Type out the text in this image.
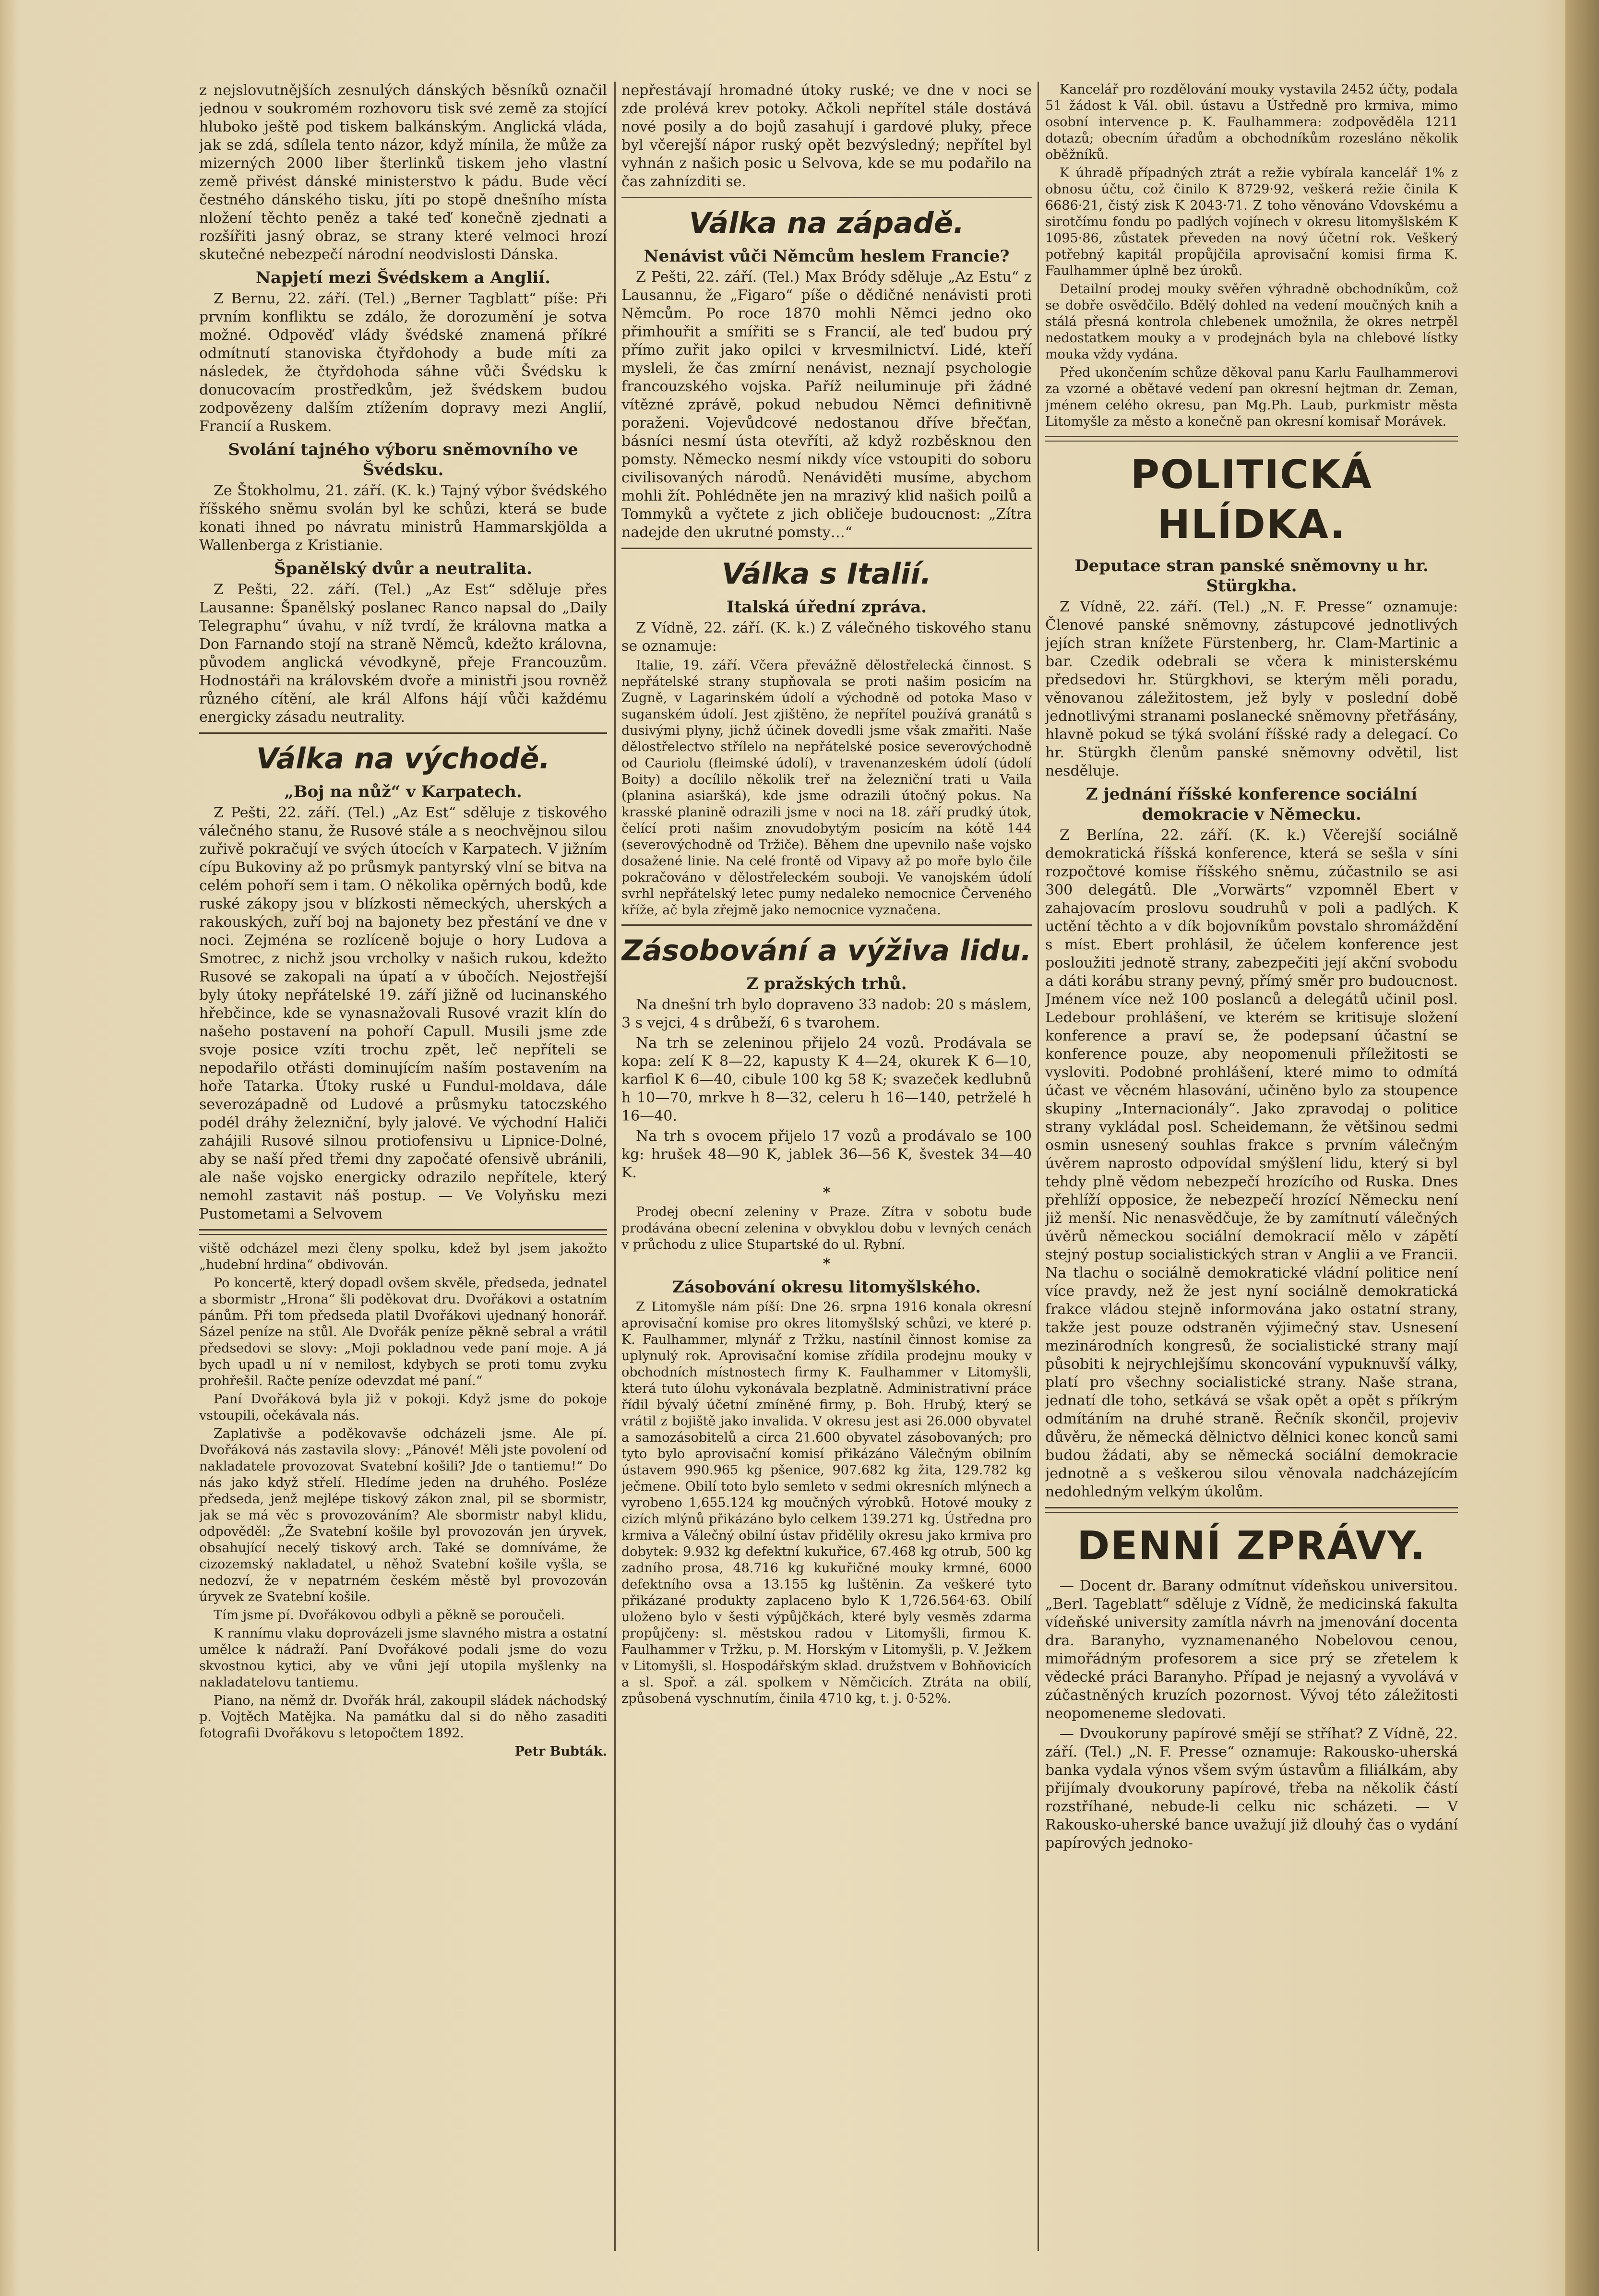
z nejslovutnějších zesnulých dánských běsníků označil jednou v soukromém rozhovoru tisk své země za stojící hluboko ještě pod tiskem balkánským. Anglická vláda, jak se zdá, sdílela tento názor, když mínila, že může za mizerných 2000 liber šterlinků tiskem jeho vlastní země přivést dánské ministerstvo k pádu. Bude věcí čestného dánského tisku, jíti po stopě dnešního místa nložení těchto peněz a také teď konečně zjednati a rozšířiti jasný obraz, se strany které velmoci hrozí skutečné nebezpečí národní neodvislosti Dánska.

Napjetí mezi Švédskem a Anglií.

Z Bernu, 22. září. (Tel.) „Berner Tagblatt“ píše: Při prvním konfliktu se zdálo, že dorozumění je sotva možné. Odpověď vlády švédské znamená příkré odmítnutí stanoviska čtyřdohody a bude míti za následek, že čtyřdohoda sáhne vůči Švédsku k donucovacím prostředkům, jež švédskem budou zodpovězeny dalším ztížením dopravy mezi Anglií, Francií a Ruskem.

Svolání tajného výboru sněmovního ve Švédsku.

Ze Štokholmu, 21. září. (K. k.) Tajný výbor švédského říšského sněmu svolán byl ke schůzi, která se bude konati ihned po návratu ministrů Hammarskjölda a Wallenberga z Kristianie.

Španělský dvůr a neutralita.

Z Pešti, 22. září. (Tel.) „Az Est“ sděluje přes Lausanne: Španělský poslanec Ranco napsal do „Daily Telegraphu“ úvahu, v níž tvrdí, že královna matka a Don Farnando stojí na straně Němců, kdežto královna, původem anglická vévodkyně, přeje Francouzům. Hodnostáři na královském dvoře a ministři jsou rovněž různého cítění, ale král Alfons hájí vůči každému energicky zásadu neutrality.

Válka na východě.
„Boj na nůž“ v Karpatech.

Z Pešti, 22. září. (Tel.) „Az Est“ sděluje z tiskového válečného stanu, že Rusové stále a s neochvějnou silou zuřivě pokračují ve svých útocích v Karpatech. V jižním cípu Bukoviny až po průsmyk pantyrský vlní se bitva na celém pohoří sem i tam. O několika opěrných bodů, kde ruské zákopy jsou v blízkosti německých, uherských a rakouských, zuří boj na bajonety bez přestání ve dne v noci. Zejména se rozlíceně bojuje o hory Ludova a Smotrec, z nichž jsou vrcholky v našich rukou, kdežto Rusové se zakopali na úpatí a v úbočích. Nejostřejší byly útoky nepřátelské 19. září jižně od lucinanského hřebčince, kde se vynasnažovali Rusové vrazit klín do našeho postavení na pohoří Capull. Musili jsme zde svoje posice vzíti trochu zpět, leč nepříteli se nepodařilo otřásti dominujícím naším postavením na hoře Tatarka. Útoky ruské u Fundul-moldava, dále severozápadně od Ludové a průsmyku tatoczského podél dráhy železniční, byly jalové. Ve východní Haliči zahájili Rusové silnou protiofensivu u Lipnice-Dolné, aby se naší před třemi dny započaté ofensivě ubránili, ale naše vojsko energicky odrazilo nepřítele, který nemohl zastavit náš postup. — Ve Volyňsku mezi Pustometami a Selvovem

viště odcházel mezi členy spolku, kdež byl jsem jakožto „hudební hrdina“ obdivován.

Po koncertě, který dopadl ovšem skvěle, předseda, jednatel a sbormistr „Hrona“ šli poděkovat dru. Dvořákovi a ostatním pánům. Při tom předseda platil Dvořákovi ujednaný honorář. Sázel peníze na stůl. Ale Dvořák peníze pěkně sebral a vrátil předsedovi se slovy: „Moji pokladnou vede paní moje. A já bych upadl u ní v nemilost, kdybych se proti tomu zvyku prohřešil. Račte peníze odevzdat mé paní.“

Paní Dvořáková byla již v pokoji. Když jsme do pokoje vstoupili, očekávala nás.

Zaplativše a poděkovavše odcházeli jsme. Ale pí. Dvořáková nás zastavila slovy: „Pánové! Měli jste povolení od nakladatele provozovat Svatební košili? Jde o tantiemu!“ Do nás jako když střelí. Hledíme jeden na druhého. Posléze předseda, jenž mejlépe tiskový zákon znal, pil se sbormistr, jak se má věc s provozováním? Ale sbormistr nabyl klidu, odpověděl: „Že Svatební košile byl provozován jen úryvek, obsahující necelý tiskový arch. Také se domníváme, že cizozemský nakladatel, u něhož Svatební košile vyšla, se nedozví, že v nepatrném českém městě byl provozován úryvek ze Svatební košile.

Tím jsme pí. Dvořákovou odbyli a pěkně se poroučeli.

K rannímu vlaku doprovázeli jsme slavného mistra a ostatní umělce k nádraží. Paní Dvořákové podali jsme do vozu skvostnou kytici, aby ve vůni její utopila myšlenky na nakladatelovu tantiemu.

Piano, na němž dr. Dvořák hrál, zakoupil sládek náchodský p. Vojtěch Matějka. Na památku dal si do něho zasaditi fotografii Dvořákovu s letopočtem 1892.

Petr Bubták.

nepřestávají hromadné útoky ruské; ve dne v noci se zde prolévá krev potoky. Ačkoli nepřítel stále dostává nové posily a do bojů zasahují i gardové pluky, přece byl včerejší nápor ruský opět bezvýsledný; nepřítel byl vyhnán z našich posic u Selvova, kde se mu podařilo na čas zahnízditi se.

Válka na západě.
Nenávist vůči Němcům heslem Francie?

Z Pešti, 22. září. (Tel.) Max Bródy sděluje „Az Estu“ z Lausannu, že „Figaro“ píše o dědičné nenávisti proti Němcům. Po roce 1870 mohli Němci jedno oko přimhouřit a smířiti se s Francií, ale teď budou prý přímo zuřit jako opilci v krvesmilnictví. Lidé, kteří mysleli, že čas zmírní nenávist, neznají psychologie francouzského vojska. Paříž neiluminuje při žádné vítězné zprávě, pokud nebudou Němci definitivně poraženi. Vojevůdcové nedostanou dříve břečťan, básníci nesmí ústa otevříti, až když rozběsknou den pomsty. Německo nesmí nikdy více vstoupiti do soboru civilisovaných národů. Nenáviděti musíme, abychom mohli žít. Pohlédněte jen na mrazivý klid našich poilů a Tommyků a vyčtete z jich obličeje budoucnost: „Zítra nadejde den ukrutné pomsty…“

Válka s Italií.
Italská úřední zpráva.

Z Vídně, 22. září. (K. k.) Z válečného tiskového stanu se oznamuje:

Italie, 19. září. Včera převážně dělostřelecká činnost. S nepřátelské strany stupňovala se proti našim posicím na Zugně, v Lagarinském údolí a východně od potoka Maso v suganském údolí. Jest zjištěno, že nepřítel používá granátů s dusivými plyny, jichž účinek dovedli jsme však zmařiti. Naše dělostřelectvo střílelo na nepřátelské posice severovýchodně od Cauriolu (fleimské údolí), v travenanzeském údolí (údolí Boity) a docílilo několik treř na železniční trati u Vaila (planina asiaršká), kde jsme odrazili útočný pokus. Na krasské planině odrazili jsme v noci na 18. září prudký útok, čelící proti našim znovudobytým posicím na kótě 144 (severovýchodně od Tržiče). Během dne upevnilo naše vojsko dosažené linie. Na celé frontě od Vipavy až po moře bylo čile pokračováno v dělostřeleckém souboji. Ve vanojském údolí svrhl nepřátelský letec pumy nedaleko nemocnice Červeného kříže, ač byla zřejmě jako nemocnice vyznačena.

Zásobování a výživa lidu.
Z pražských trhů.

Na dnešní trh bylo dopraveno 33 nadob: 20 s máslem, 3 s vejci, 4 s drůbeží, 6 s tvarohem.

Na trh se zeleninou přijelo 24 vozů. Prodávala se kopa: zelí K 8—22, kapusty K 4—24, okurek K 6—10, karfiol K 6—40, cibule 100 kg 58 K; svazeček kedlubnů h 10—70, mrkve h 8—32, celeru h 16—140, petrželé h 16—40.

Na trh s ovocem přijelo 17 vozů a prodávalo se 100 kg: hrušek 48—90 K, jablek 36—56 K, švestek 34—40 K.

*

Prodej obecní zeleniny v Praze. Zítra v sobotu bude prodávána obecní zelenina v obvyklou dobu v levných cenách v průchodu z ulice Stupartské do ul. Rybní.

*
Zásobování okresu litomyšlského.

Z Litomyšle nám píší: Dne 26. srpna 1916 konala okresní aprovisační komise pro okres litomyšlský schůzi, ve které p. K. Faulhammer, mlynář z Tržku, nastínil činnost komise za uplynulý rok. Aprovisační komise zřídila prodejnu mouky v obchodních místnostech firmy K. Faulhammer v Litomyšli, která tuto úlohu vykonávala bezplatně. Administrativní práce řídil bývalý účetní zmíněné firmy, p. Boh. Hrubý, který se vrátil z bojiště jako invalida. V okresu jest asi 26.000 obyvatel a samozásobitelů a circa 21.600 obyvatel zásobovaných; pro tyto bylo aprovisační komisí přikázáno Válečným obilním ústavem 990.965 kg pšenice, 907.682 kg žita, 129.782 kg ječmene. Obilí toto bylo semleto v sedmi okresních mlýnech a vyrobeno 1,655.124 kg moučných výrobků. Hotové mouky z cizích mlýnů přikázáno bylo celkem 139.271 kg. Ústředna pro krmiva a Válečný obilní ústav přidělily okresu jako krmiva pro dobytek: 9.932 kg defektní kukuřice, 67.468 kg otrub, 500 kg zadního prosa, 48.716 kg kukuřičné mouky krmné, 6000 defektního ovsa a 13.155 kg luštěnin. Za veškeré tyto přikázané produkty zaplaceno bylo K 1,726.564·63. Obilí uloženo bylo v šesti výpůjčkách, které byly vesměs zdarma propůjčeny: sl. městskou radou v Litomyšli, firmou K. Faulhammer v Tržku, p. M. Horským v Litomyšli, p. V. Ježkem v Litomyšli, sl. Hospodářským sklad. družstvem v Bohňovicích a sl. Spoř. a zál. spolkem v Němčicích. Ztráta na obilí, způsobená vyschnutím, činila 4710 kg, t. j. 0·52%.

Kancelář pro rozdělování mouky vystavila 2452 účty, podala 51 žádost k Vál. obil. ústavu a Ústředně pro krmiva, mimo osobní intervence p. K. Faulhammera: zodpověděla 1211 dotazů; obecním úřadům a obchodníkům rozesláno několik oběžníků.

K úhradě případných ztrát a režie vybírala kancelář 1% z obnosu účtu, což činilo K 8729·92, veškerá režie činila K 6686·21, čistý zisk K 2043·71. Z toho věnováno Vdovskému a sirotčímu fondu po padlých vojínech v okresu litomyšlském K 1095·86, zůstatek převeden na nový účetní rok. Veškerý potřebný kapitál propůjčila aprovisační komisi firma K. Faulhammer úplně bez úroků.

Detailní prodej mouky svěřen výhradně obchodníkům, což se dobře osvědčilo. Bdělý dohled na vedení moučných knih a stálá přesná kontrola chlebenek umožnila, že okres netrpěl nedostatkem mouky a v prodejnách byla na chlebové lístky mouka vždy vydána.

Před ukončením schůze děkoval panu Karlu Faulhammerovi za vzorné a obětavé vedení pan okresní hejtman dr. Zeman, jménem celého okresu, pan Mg.Ph. Laub, purkmistr města Litomyšle za město a konečně pan okresní komisař Morávek.

POLITICKÁ HLÍDKA.
Deputace stran panské sněmovny u hr. Stürgkha.

Z Vídně, 22. září. (Tel.) „N. F. Presse“ oznamuje: Členové panské sněmovny, zástupcové jednotlivých jejích stran knížete Fürstenberg, hr. Clam-Martinic a bar. Czedik odebrali se včera k ministerskému předsedovi hr. Stürgkhovi, se kterým měli poradu, věnovanou záležitostem, jež byly v poslední době jednotlivými stranami poslanecké sněmovny přetřásány, hlavně pokud se týká svolání říšské rady a delegací. Co hr. Stürgkh členům panské sněmovny odvětil, list nesděluje.

Z jednání říšské konference sociální demokracie v Německu.

Z Berlína, 22. září. (K. k.) Včerejší sociálně demokratická říšská konference, která se sešla v síni rozpočtové komise říšského sněmu, zúčastnilo se asi 300 delegátů. Dle „Vorwärts“ vzpomněl Ebert v zahajovacím proslovu soudruhů v poli a padlých. K uctění těchto a v dík bojovníkům povstalo shromáždění s míst. Ebert prohlásil, že účelem konference jest posloužiti jednotě strany, zabezpečiti její akční svobodu a dáti korábu strany pevný, přímý směr pro budoucnost. Jménem více než 100 poslanců a delegátů učinil posl. Ledebour prohlášení, ve kterém se kritisuje složení konference a praví se, že podepsaní účastní se konference pouze, aby neopomenuli příležitosti se vysloviti. Podobné prohlášení, které mimo to odmítá účast ve věcném hlasování, učiněno bylo za stoupence skupiny „Internacionály“. Jako zpravodaj o politice strany vykládal posl. Scheidemann, že většinou sedmi osmin usnesený souhlas frakce s prvním válečným úvěrem naprosto odpovídal smýšlení lidu, který si byl tehdy plně vědom nebezpečí hrozícího od Ruska. Dnes přehlíží opposice, že nebezpečí hrozící Německu není již menší. Nic nenasvědčuje, že by zamítnutí válečných úvěrů německou sociální demokracií mělo v zápětí stejný postup socialistických stran v Anglii a ve Francii. Na tlachu o sociálně demokratické vládní politice není více pravdy, než že jest nyní sociálně demokratická frakce vládou stejně informována jako ostatní strany, takže jest pouze odstraněn výjimečný stav. Usnesení mezinárodních kongresů, že socialistické strany mají působiti k nejrychlejšímu skoncování vypuknuvší války, platí pro všechny socialistické strany. Naše strana, jednatí dle toho, setkává se však opět a opět s příkrým odmítáním na druhé straně. Řečník skončil, projeviv důvěru, že německá dělnictvo dělnici konec konců sami budou žádati, aby se německá sociální demokracie jednotně a s veškerou silou věnovala nadcházejícím nedohledným velkým úkolům.

DENNÍ ZPRÁVY.

— Docent dr. Barany odmítnut vídeňskou universitou. „Berl. Tageblatt“ sděluje z Vídně, že medicinská fakulta vídeňské university zamítla návrh na jmenování docenta dra. Baranyho, vyznamenaného Nobelovou cenou, mimořádným profesorem a sice prý se zřetelem k vědecké práci Baranyho. Případ je nejasný a vyvolává v zúčastněných kruzích pozornost. Vývoj této záležitosti neopomeneme sledovati.

— Dvoukoruny papírové smějí se stříhat? Z Vídně, 22. září. (Tel.) „N. F. Presse“ oznamuje: Rakousko-uherská banka vydala výnos všem svým ústavům a filiálkám, aby přijímaly dvoukoruny papírové, třeba na několik částí rozstříhané, nebude-li celku nic scházeti. — V Rakousko-uherské bance uvažují již dlouhý čas o vydání papírových jednoko-
